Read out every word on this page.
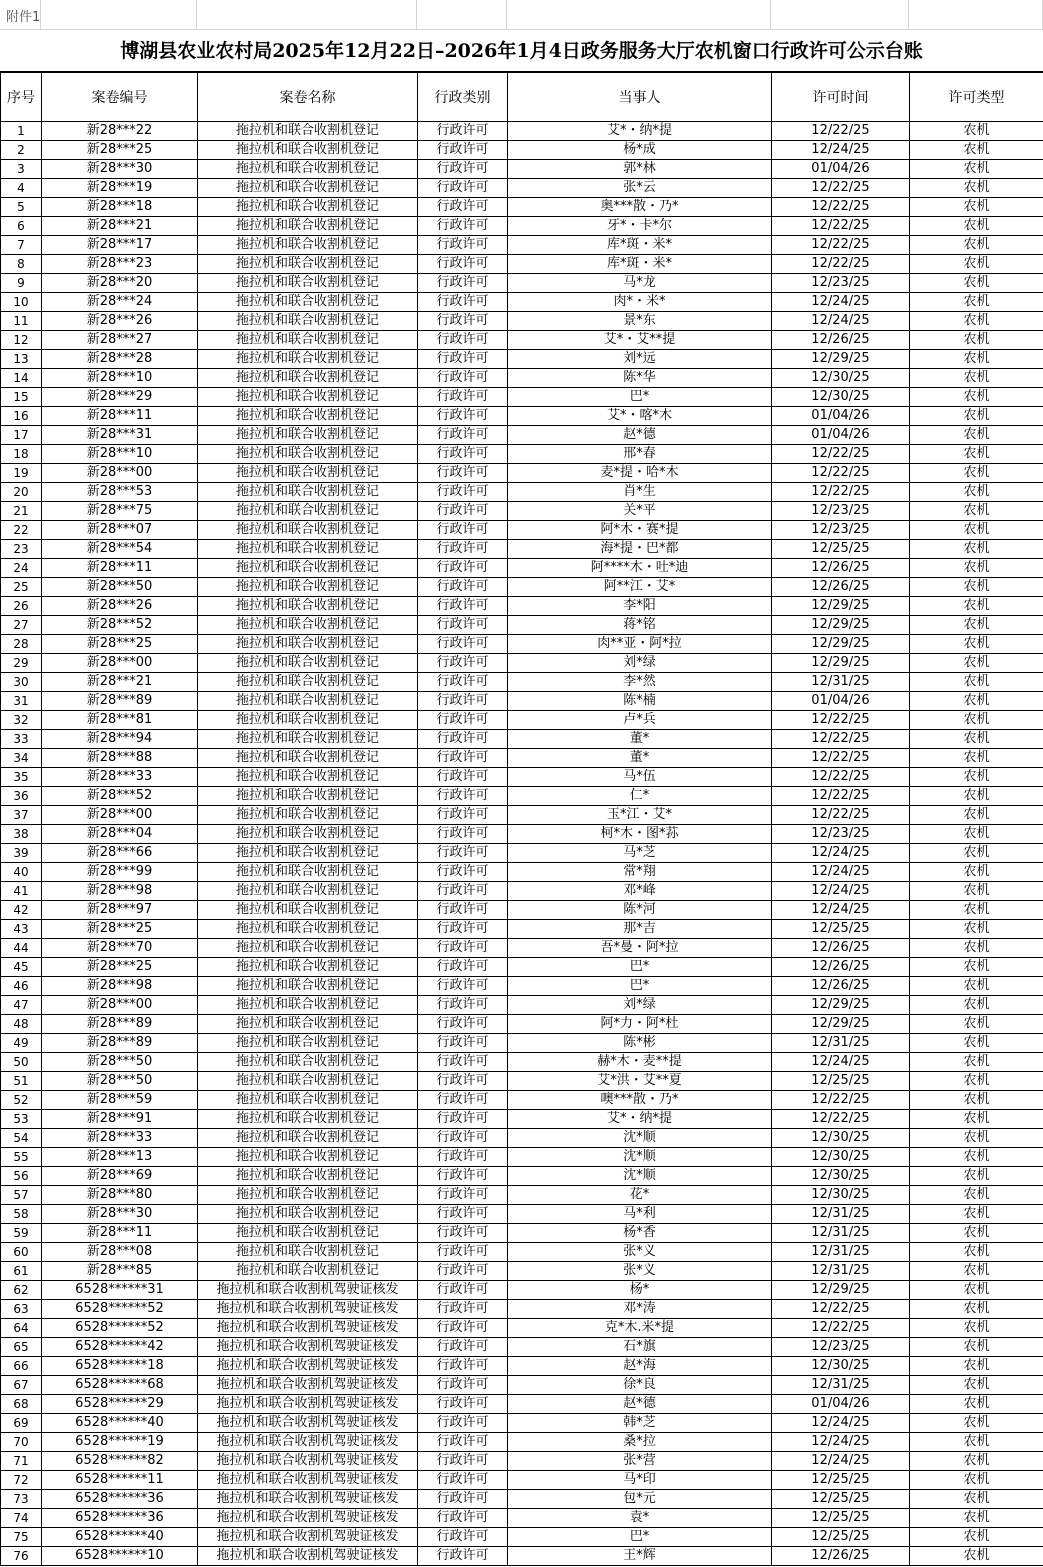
附件1
博湖县农业农村局2025年12月22日–2026年1月4日政务服务大厅农机窗口行政许可公示台账
序号	案卷编号	案卷名称	行政类别	当事人	许可时间	许可类型
1	新28***22	拖拉机和联合收割机登记	行政许可	艾*・纳*提	12/22/25	农机
2	新28***25	拖拉机和联合收割机登记	行政许可	杨*成	12/24/25	农机
3	新28***30	拖拉机和联合收割机登记	行政许可	郭*林	01/04/26	农机
4	新28***19	拖拉机和联合收割机登记	行政许可	张*云	12/22/25	农机
5	新28***18	拖拉机和联合收割机登记	行政许可	奥***散・乃*	12/22/25	农机
6	新28***21	拖拉机和联合收割机登记	行政许可	牙*・卡*尔	12/22/25	农机
7	新28***17	拖拉机和联合收割机登记	行政许可	库*斑・米*	12/22/25	农机
8	新28***23	拖拉机和联合收割机登记	行政许可	库*斑・米*	12/22/25	农机
9	新28***20	拖拉机和联合收割机登记	行政许可	马*龙	12/23/25	农机
10	新28***24	拖拉机和联合收割机登记	行政许可	肉*・米*	12/24/25	农机
11	新28***26	拖拉机和联合收割机登记	行政许可	景*东	12/24/25	农机
12	新28***27	拖拉机和联合收割机登记	行政许可	艾*・艾**提	12/26/25	农机
13	新28***28	拖拉机和联合收割机登记	行政许可	刘*远	12/29/25	农机
14	新28***10	拖拉机和联合收割机登记	行政许可	陈*华	12/30/25	农机
15	新28***29	拖拉机和联合收割机登记	行政许可	巴*	12/30/25	农机
16	新28***11	拖拉机和联合收割机登记	行政许可	艾*・喀*木	01/04/26	农机
17	新28***31	拖拉机和联合收割机登记	行政许可	赵*德	01/04/26	农机
18	新28***10	拖拉机和联合收割机登记	行政许可	邢*春	12/22/25	农机
19	新28***00	拖拉机和联合收割机登记	行政许可	麦*提・哈*木	12/22/25	农机
20	新28***53	拖拉机和联合收割机登记	行政许可	肖*生	12/22/25	农机
21	新28***75	拖拉机和联合收割机登记	行政许可	关*平	12/23/25	农机
22	新28***07	拖拉机和联合收割机登记	行政许可	阿*木・赛*提	12/23/25	农机
23	新28***54	拖拉机和联合收割机登记	行政许可	海*提・巴*都	12/25/25	农机
24	新28***11	拖拉机和联合收割机登记	行政许可	阿****木・吐*迪	12/26/25	农机
25	新28***50	拖拉机和联合收割机登记	行政许可	阿**江・艾*	12/26/25	农机
26	新28***26	拖拉机和联合收割机登记	行政许可	李*阳	12/29/25	农机
27	新28***52	拖拉机和联合收割机登记	行政许可	蒋*铭	12/29/25	农机
28	新28***25	拖拉机和联合收割机登记	行政许可	肉**亚・阿*拉	12/29/25	农机
29	新28***00	拖拉机和联合收割机登记	行政许可	刘*绿	12/29/25	农机
30	新28***21	拖拉机和联合收割机登记	行政许可	李*然	12/31/25	农机
31	新28***89	拖拉机和联合收割机登记	行政许可	陈*楠	01/04/26	农机
32	新28***81	拖拉机和联合收割机登记	行政许可	卢*兵	12/22/25	农机
33	新28***94	拖拉机和联合收割机登记	行政许可	董*	12/22/25	农机
34	新28***88	拖拉机和联合收割机登记	行政许可	董*	12/22/25	农机
35	新28***33	拖拉机和联合收割机登记	行政许可	马*伍	12/22/25	农机
36	新28***52	拖拉机和联合收割机登记	行政许可	仁*	12/22/25	农机
37	新28***00	拖拉机和联合收割机登记	行政许可	玉*江・艾*	12/22/25	农机
38	新28***04	拖拉机和联合收割机登记	行政许可	柯*木・图*荪	12/23/25	农机
39	新28***66	拖拉机和联合收割机登记	行政许可	马*芝	12/24/25	农机
40	新28***99	拖拉机和联合收割机登记	行政许可	常*翔	12/24/25	农机
41	新28***98	拖拉机和联合收割机登记	行政许可	邓*峰	12/24/25	农机
42	新28***97	拖拉机和联合收割机登记	行政许可	陈*河	12/24/25	农机
43	新28***25	拖拉机和联合收割机登记	行政许可	那*吉	12/25/25	农机
44	新28***70	拖拉机和联合收割机登记	行政许可	吾*曼・阿*拉	12/26/25	农机
45	新28***25	拖拉机和联合收割机登记	行政许可	巴*	12/26/25	农机
46	新28***98	拖拉机和联合收割机登记	行政许可	巴*	12/26/25	农机
47	新28***00	拖拉机和联合收割机登记	行政许可	刘*绿	12/29/25	农机
48	新28***89	拖拉机和联合收割机登记	行政许可	阿*力・阿*杜	12/29/25	农机
49	新28***89	拖拉机和联合收割机登记	行政许可	陈*彬	12/31/25	农机
50	新28***50	拖拉机和联合收割机登记	行政许可	赫*木・麦**提	12/24/25	农机
51	新28***50	拖拉机和联合收割机登记	行政许可	艾*洪・艾**夏	12/25/25	农机
52	新28***59	拖拉机和联合收割机登记	行政许可	噢***散・乃*	12/22/25	农机
53	新28***91	拖拉机和联合收割机登记	行政许可	艾*・纳*提	12/22/25	农机
54	新28***33	拖拉机和联合收割机登记	行政许可	沈*顺	12/30/25	农机
55	新28***13	拖拉机和联合收割机登记	行政许可	沈*顺	12/30/25	农机
56	新28***69	拖拉机和联合收割机登记	行政许可	沈*顺	12/30/25	农机
57	新28***80	拖拉机和联合收割机登记	行政许可	花*	12/30/25	农机
58	新28***30	拖拉机和联合收割机登记	行政许可	马*利	12/31/25	农机
59	新28***11	拖拉机和联合收割机登记	行政许可	杨*香	12/31/25	农机
60	新28***08	拖拉机和联合收割机登记	行政许可	张*义	12/31/25	农机
61	新28***85	拖拉机和联合收割机登记	行政许可	张*义	12/31/25	农机
62	6528******31	拖拉机和联合收割机驾驶证核发	行政许可	杨*	12/29/25	农机
63	6528******52	拖拉机和联合收割机驾驶证核发	行政许可	邓*涛	12/22/25	农机
64	6528******52	拖拉机和联合收割机驾驶证核发	行政许可	克*木.米*提	12/22/25	农机
65	6528******42	拖拉机和联合收割机驾驶证核发	行政许可	石*旗	12/23/25	农机
66	6528******18	拖拉机和联合收割机驾驶证核发	行政许可	赵*海	12/30/25	农机
67	6528******68	拖拉机和联合收割机驾驶证核发	行政许可	徐*良	12/31/25	农机
68	6528******29	拖拉机和联合收割机驾驶证核发	行政许可	赵*德	01/04/26	农机
69	6528******40	拖拉机和联合收割机驾驶证核发	行政许可	韩*芝	12/24/25	农机
70	6528******19	拖拉机和联合收割机驾驶证核发	行政许可	桑*拉	12/24/25	农机
71	6528******82	拖拉机和联合收割机驾驶证核发	行政许可	张*营	12/24/25	农机
72	6528******11	拖拉机和联合收割机驾驶证核发	行政许可	马*印	12/25/25	农机
73	6528******36	拖拉机和联合收割机驾驶证核发	行政许可	包*元	12/25/25	农机
74	6528******36	拖拉机和联合收割机驾驶证核发	行政许可	袁*	12/25/25	农机
75	6528******40	拖拉机和联合收割机驾驶证核发	行政许可	巴*	12/25/25	农机
76	6528******10	拖拉机和联合收割机驾驶证核发	行政许可	王*辉	12/26/25	农机
